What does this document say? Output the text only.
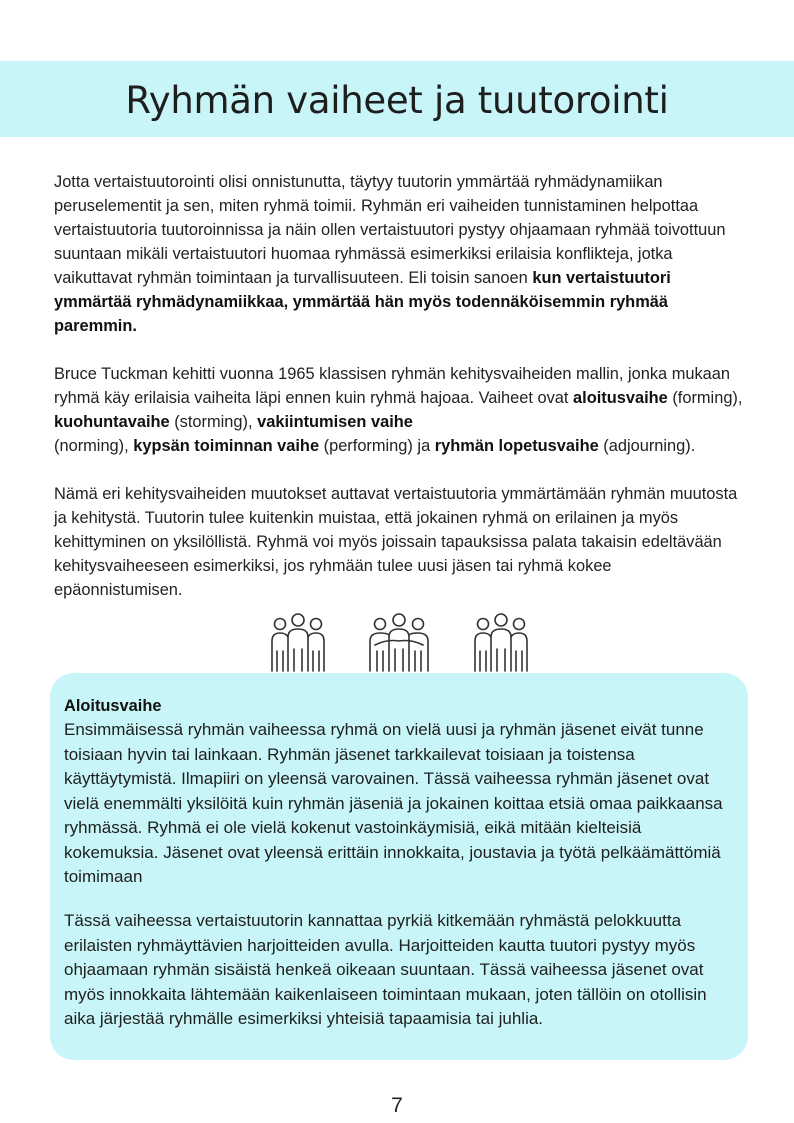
Ryhmän vaiheet ja tuutorointi

Jotta vertaistuutorointi olisi onnistunutta, täytyy tuutorin ymmärtää ryhmädynamiikan peruselementit ja sen, miten ryhmä toimii. Ryhmän eri vaiheiden tunnistaminen helpottaa vertaistuutoria tuutoroinnissa ja näin ollen vertaistuutori pystyy ohjaamaan ryhmää toivottuun suuntaan mikäli vertaistuutori huomaa ryhmässä esimerkiksi erilaisia konflikteja, jotka vaikuttavat ryhmän toimintaan ja turvallisuuteen. Eli toisin sanoen kun vertaistuutori ymmärtää ryhmädynamiikkaa, ymmärtää hän myös todennäköisemmin ryhmää paremmin.

Bruce Tuckman kehitti vuonna 1965 klassisen ryhmän kehitysvaiheiden mallin, jonka mukaan ryhmä käy erilaisia vaiheita läpi ennen kuin ryhmä hajoaa. Vaiheet ovat aloitusvaihe (forming), kuohuntavaihe (storming), vakiintumisen vaihe
(norming), kypsän toiminnan vaihe (performing) ja ryhmän lopetusvaihe (adjourning).

Nämä eri kehitysvaiheiden muutokset auttavat vertaistuutoria ymmärtämään ryhmän muutosta ja kehitystä. Tuutorin tulee kuitenkin muistaa, että jokainen ryhmä on erilainen ja myös kehittyminen on yksilöllistä. Ryhmä voi myös joissain tapauksissa palata takaisin edeltävään kehitysvaiheeseen esimerkiksi, jos ryhmään tulee uusi jäsen tai ryhmä kokee epäonnistumisen.

Aloitusvaihe

Ensimmäisessä ryhmän vaiheessa ryhmä on vielä uusi ja ryhmän jäsenet eivät tunne toisiaan hyvin tai lainkaan. Ryhmän jäsenet tarkkailevat toisiaan ja toistensa käyttäytymistä. Ilmapiiri on yleensä varovainen. Tässä vaiheessa ryhmän jäsenet ovat vielä enemmälti yksilöitä kuin ryhmän jäseniä ja jokainen koittaa etsiä omaa paikkaansa ryhmässä. Ryhmä ei ole vielä kokenut vastoinkäymisiä, eikä mitään kielteisiä kokemuksia. Jäsenet ovat yleensä erittäin innokkaita, joustavia ja työtä pelkäämättömiä toimimaan

Tässä vaiheessa vertaistuutorin kannattaa pyrkiä kitkemään ryhmästä pelokkuutta erilaisten ryhmäyttävien harjoitteiden avulla. Harjoitteiden kautta tuutori pystyy myös ohjaamaan ryhmän sisäistä henkeä oikeaan suuntaan. Tässä vaiheessa jäsenet ovat myös innokkaita lähtemään kaikenlaiseen toimintaan mukaan, joten tällöin on otollisin aika järjestää ryhmälle esimerkiksi yhteisiä tapaamisia tai juhlia.

7
